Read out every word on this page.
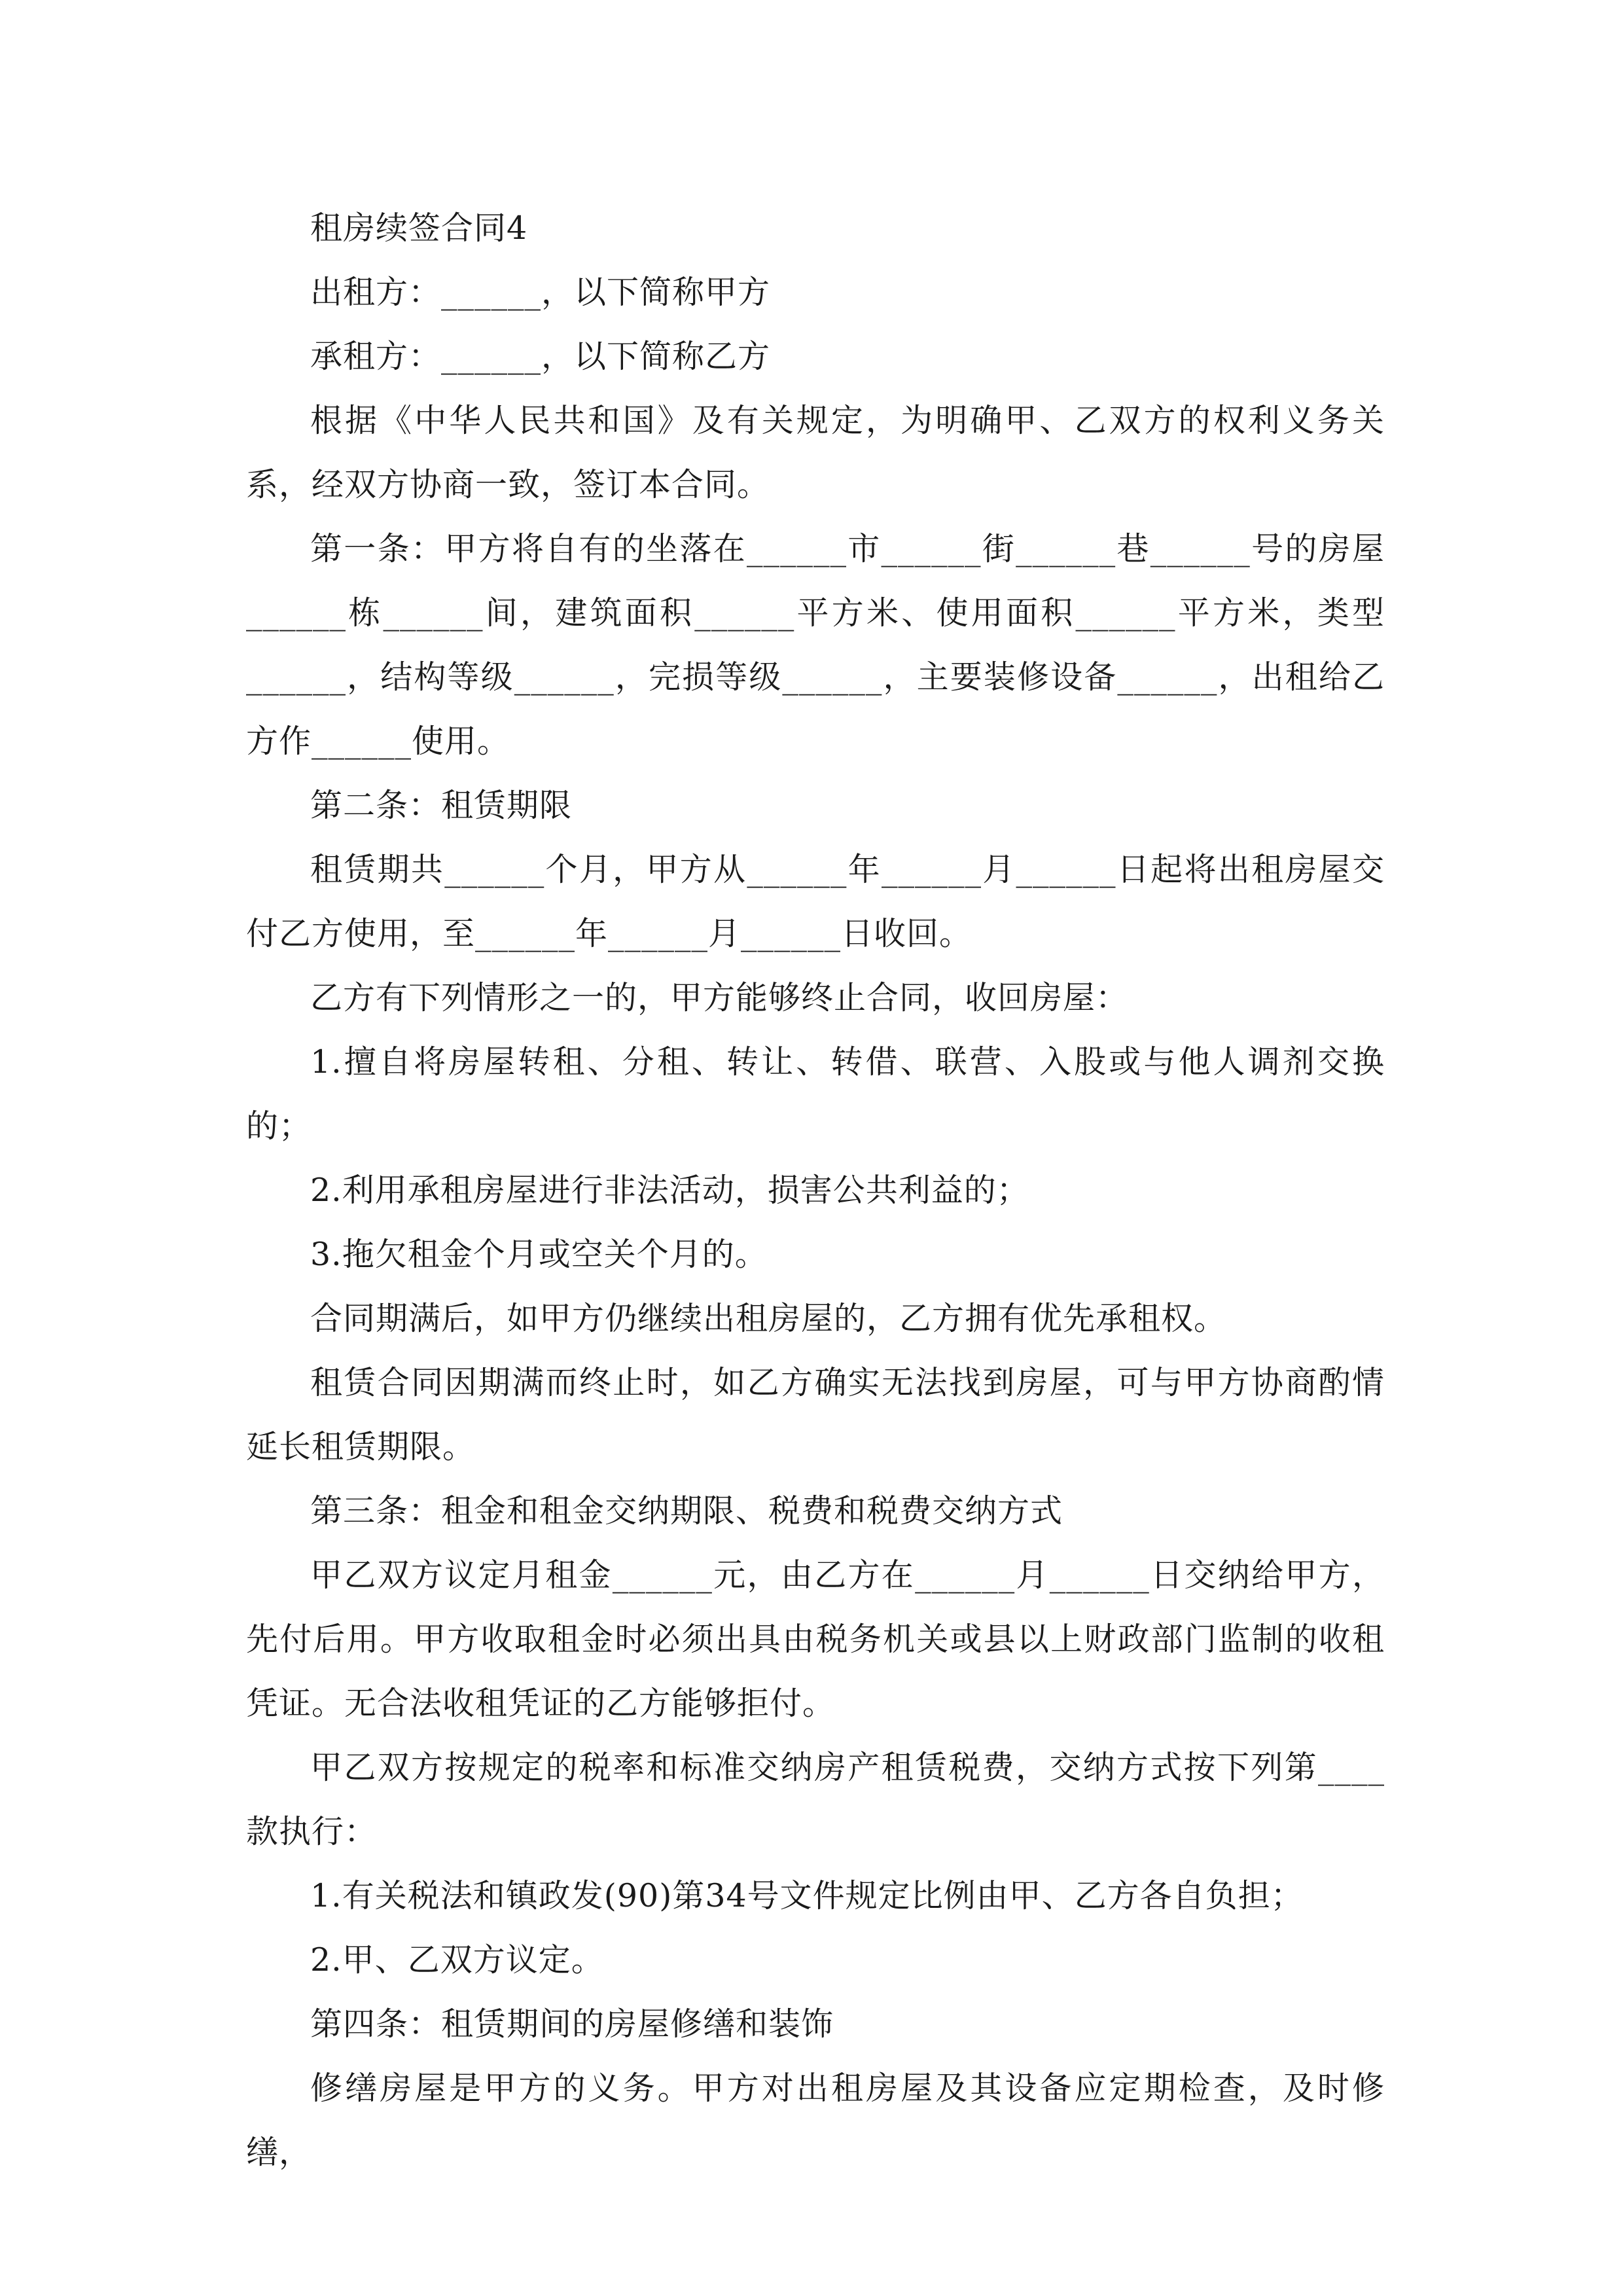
租房续签合同4

出租方：______，以下简称甲方

承租方：______，以下简称乙方

根据《中华人民共和国》及有关规定，为明确甲、乙双方的权利义务关系，经双方协商一致，签订本合同。

第一条：甲方将自有的坐落在______市______街______巷______号的房屋______栋______间，建筑面积______平方米、使用面积______平方米，类型______，结构等级______，完损等级______，主要装修设备______，出租给乙方作______使用。

第二条：租赁期限

租赁期共______个月，甲方从______年______月______日起将出租房屋交付乙方使用，至______年______月______日收回。

乙方有下列情形之一的，甲方能够终止合同，收回房屋：

1.擅自将房屋转租、分租、转让、转借、联营、入股或与他人调剂交换的；

2.利用承租房屋进行非法活动，损害公共利益的；

3.拖欠租金个月或空关个月的。

合同期满后，如甲方仍继续出租房屋的，乙方拥有优先承租权。

租赁合同因期满而终止时，如乙方确实无法找到房屋，可与甲方协商酌情延长租赁期限。

第三条：租金和租金交纳期限、税费和税费交纳方式

甲乙双方议定月租金______元，由乙方在______月______日交纳给甲方，先付后用。甲方收取租金时必须出具由税务机关或县以上财政部门监制的收租凭证。无合法收租凭证的乙方能够拒付。

甲乙双方按规定的税率和标准交纳房产租赁税费，交纳方式按下列第____款执行：

1.有关税法和镇政发(90)第34号文件规定比例由甲、乙方各自负担；

2.甲、乙双方议定。

第四条：租赁期间的房屋修缮和装饰

修缮房屋是甲方的义务。甲方对出租房屋及其设备应定期检查，及时修缮，
